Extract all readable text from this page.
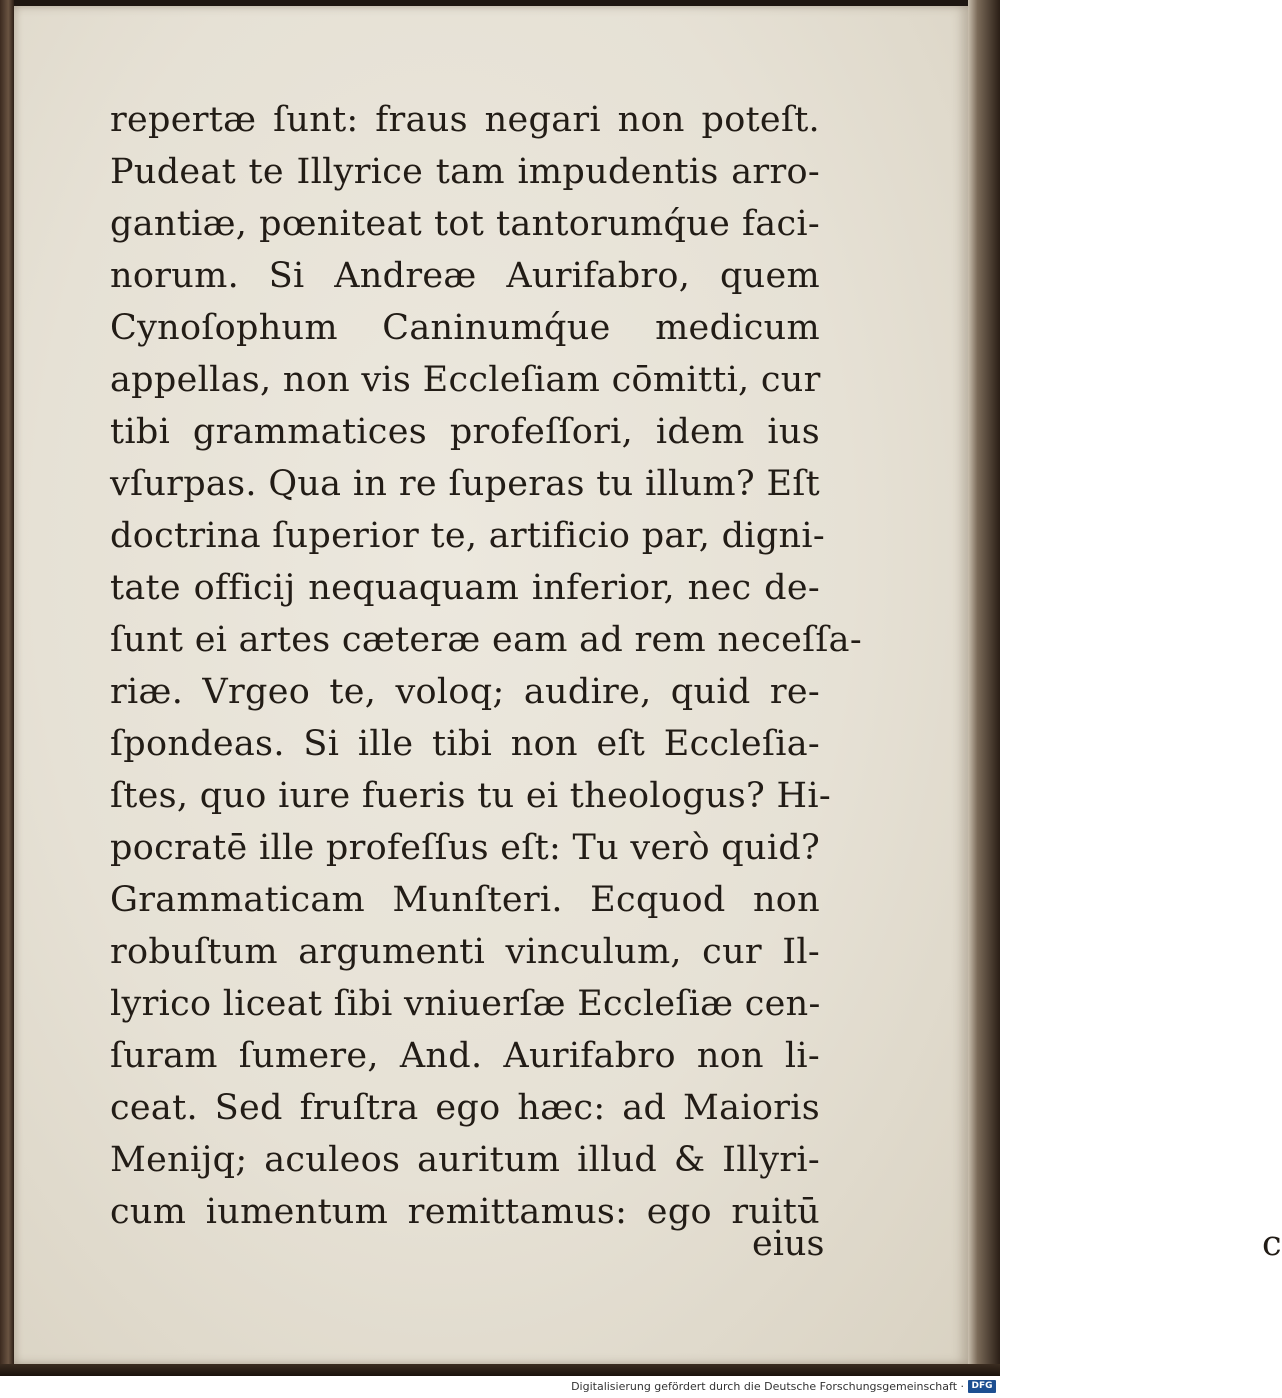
repertæ ſunt: fraus negari non poteſt.
Pudeat te Illyrice tam impudentis arro-
gantiæ, pœniteat tot tantorumq́ue faci-
norum. Si Andreæ Aurifabro, quem
Cynoſophum Caninumq́ue medicum
appellas, non vis Eccleſiam cōmitti, cur
tibi grammatices profeſſori, idem ius
vſurpas. Qua in re ſuperas tu illum? Eſt
doctrina ſuperior te, artificio par, digni-
tate officij nequaquam inferior, nec de-
ſunt ei artes cæteræ eam ad rem neceſſa-
riæ. Vrgeo te, voloq; audire, quid re-
ſpondeas. Si ille tibi non eſt Eccleſia-
ſtes, quo iure fueris tu ei theologus? Hi-
pocratē ille profeſſus eſt: Tu verò quid?
Grammaticam Munſteri. Ecquod non
robuſtum argumenti vinculum, cur Il-
lyrico liceat ſibi vniuerſæ Eccleſiæ cen-
ſuram ſumere, And. Aurifabro non li-
ceat. Sed fruſtra ego hæc: ad Maioris
Menijq; aculeos auritum illud & Illyri-
cum iumentum remittamus: ego ruitū
c
eius
Digitalisierung gefördert durch die Deutsche Forschungsgemeinschaft · DFG
